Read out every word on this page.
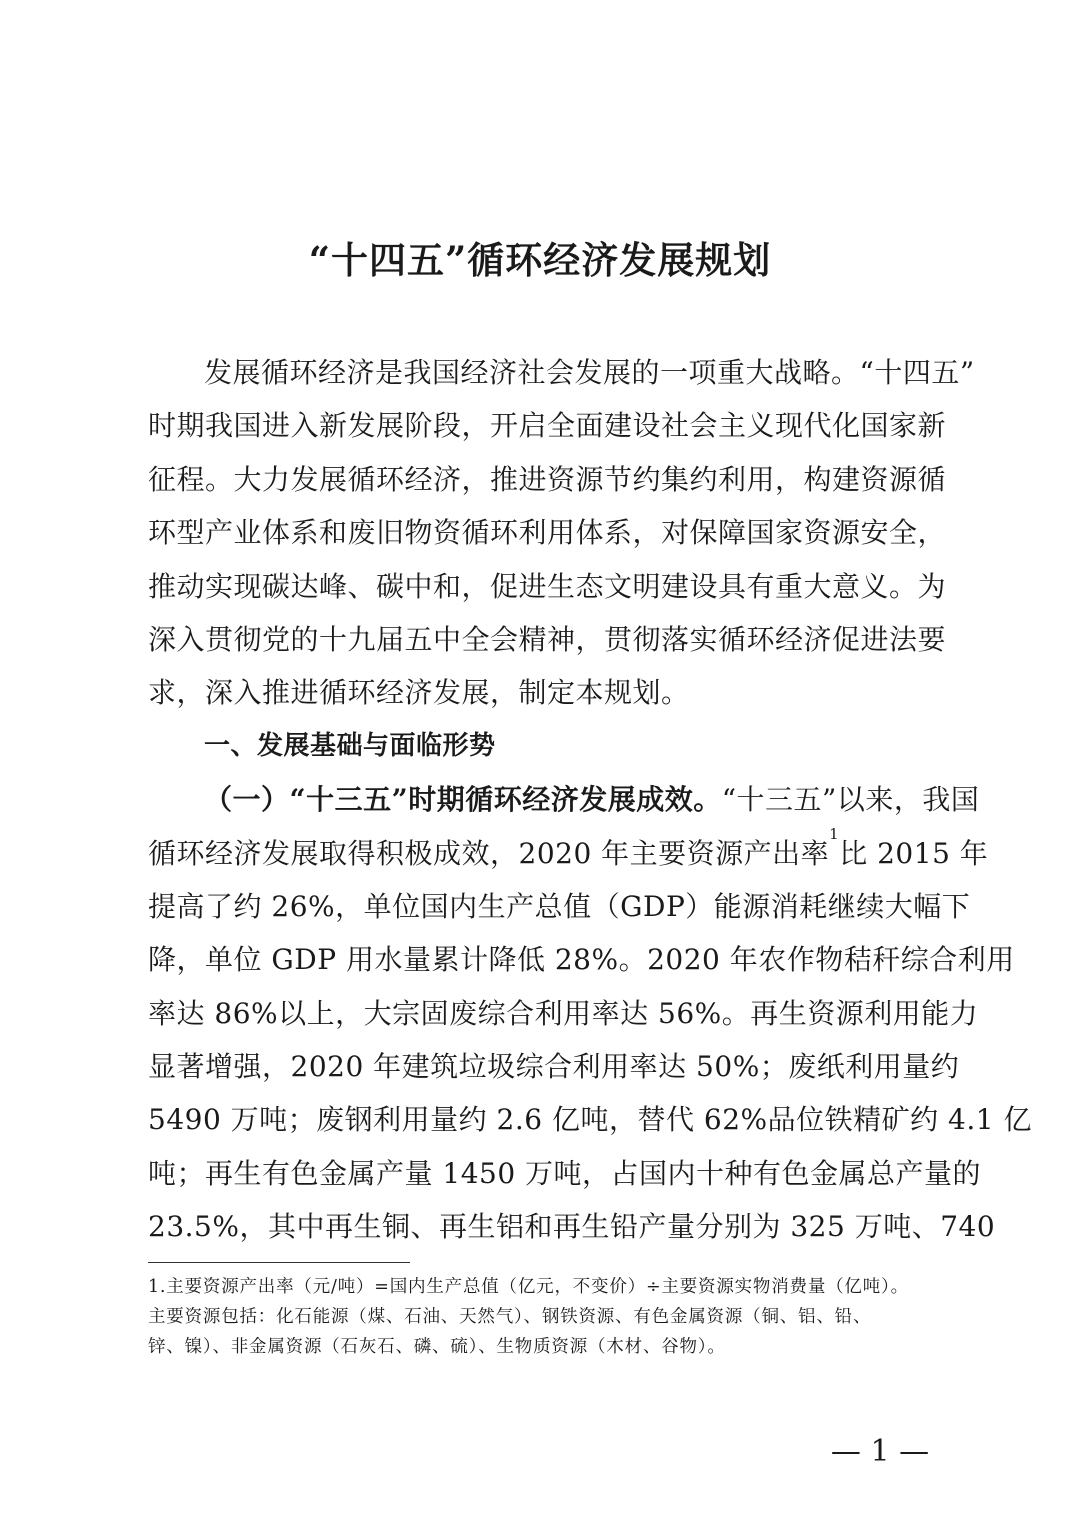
“十四五”循环经济发展规划
发展循环经济是我国经济社会发展的一项重大战略。“十四五”
时期我国进入新发展阶段，开启全面建设社会主义现代化国家新
征程。大力发展循环经济，推进资源节约集约利用，构建资源循
环型产业体系和废旧物资循环利用体系，对保障国家资源安全，
推动实现碳达峰、碳中和，促进生态文明建设具有重大意义。为
深入贯彻党的十九届五中全会精神，贯彻落实循环经济促进法要
求，深入推进循环经济发展，制定本规划。
一、发展基础与面临形势
（一）“十三五”时期循环经济发展成效。“十三五”以来，我国
循环经济发展取得积极成效，2020 年主要资源产出率$^1$比 2015 年
提高了约 26%，单位国内生产总值（GDP）能源消耗继续大幅下
降，单位 GDP 用水量累计降低 28%。2020 年农作物秸秆综合利用
率达 86%以上，大宗固废综合利用率达 56%。再生资源利用能力
显著增强，2020 年建筑垃圾综合利用率达 50%；废纸利用量约
5490 万吨；废钢利用量约 2.6 亿吨，替代 62%品位铁精矿约 4.1 亿
吨；再生有色金属产量 1450 万吨，占国内十种有色金属总产量的
23.5%，其中再生铜、再生铝和再生铅产量分别为 325 万吨、740
1.主要资源产出率（元/吨）=国内生产总值（亿元，不变价）÷主要资源实物消费量（亿吨）。
主要资源包括：化石能源（煤、石油、天然气）、钢铁资源、有色金属资源（铜、铝、铅、
锌、镍）、非金属资源（石灰石、磷、硫）、生物质资源（木材、谷物）。
— 1 —
